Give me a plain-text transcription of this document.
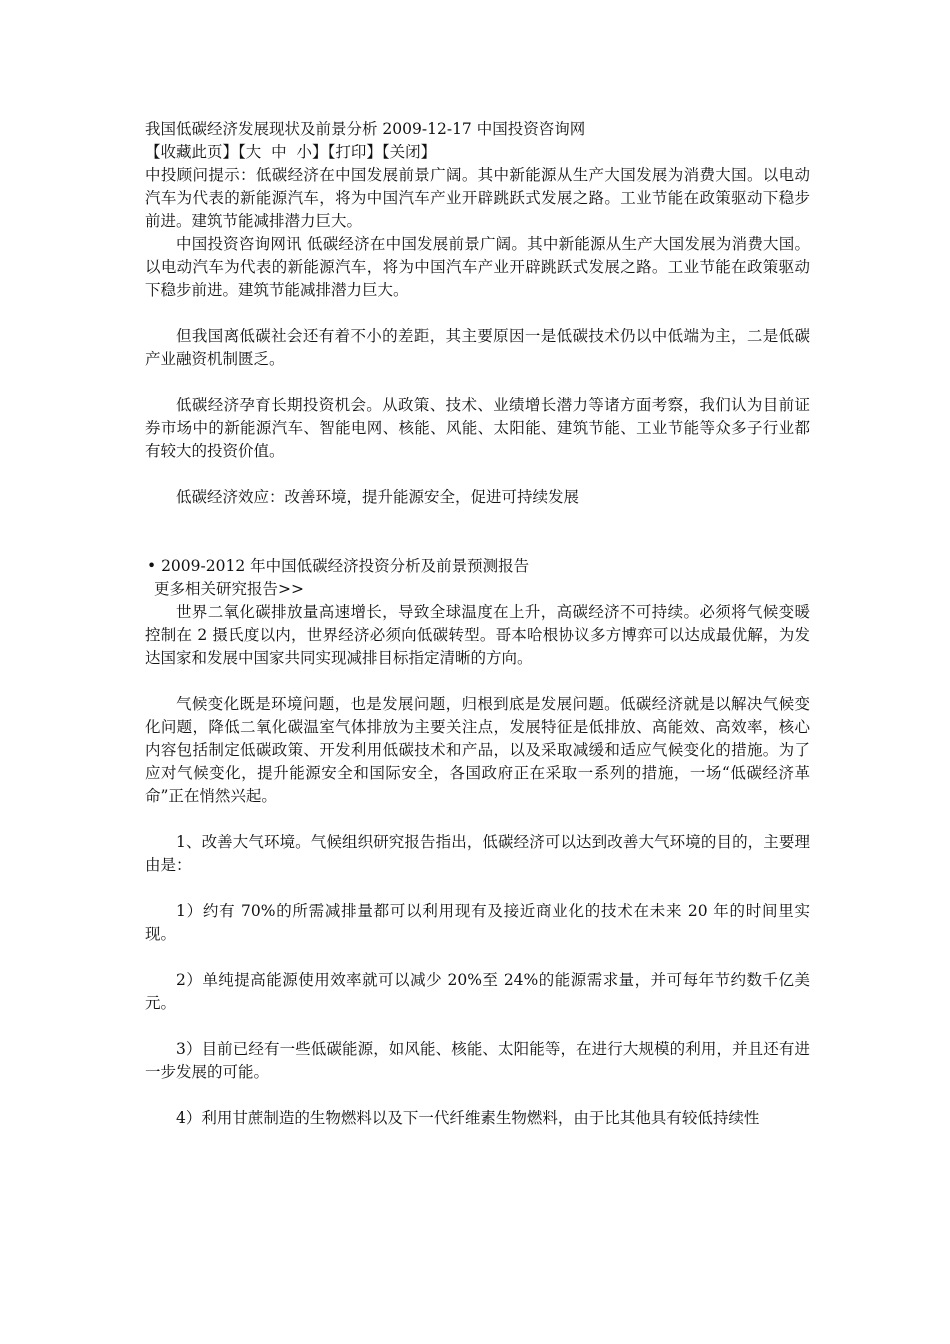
我国低碳经济发展现状及前景分析 2009-12-17 中国投资咨询网

【收藏此页】【大 中 小】【打印】【关闭】

中投顾问提示：低碳经济在中国发展前景广阔。其中新能源从生产大国发展为消费大国。以电动汽车为代表的新能源汽车，将为中国汽车产业开辟跳跃式发展之路。工业节能在政策驱动下稳步前进。建筑节能减排潜力巨大。

中国投资咨询网讯 低碳经济在中国发展前景广阔。其中新能源从生产大国发展为消费大国。以电动汽车为代表的新能源汽车，将为中国汽车产业开辟跳跃式发展之路。工业节能在政策驱动下稳步前进。建筑节能减排潜力巨大。

但我国离低碳社会还有着不小的差距，其主要原因一是低碳技术仍以中低端为主，二是低碳产业融资机制匮乏。

低碳经济孕育长期投资机会。从政策、技术、业绩增长潜力等诸方面考察，我们认为目前证券市场中的新能源汽车、智能电网、核能、风能、太阳能、建筑节能、工业节能等众多子行业都有较大的投资价值。

低碳经济效应：改善环境，提升能源安全，促进可持续发展

• 2009-2012 年中国低碳经济投资分析及前景预测报告

更多相关研究报告>>

世界二氧化碳排放量高速增长，导致全球温度在上升，高碳经济不可持续。必须将气候变暖控制在 2 摄氏度以内，世界经济必须向低碳转型。哥本哈根协议多方博弈可以达成最优解，为发达国家和发展中国家共同实现减排目标指定清晰的方向。

气候变化既是环境问题，也是发展问题，归根到底是发展问题。低碳经济就是以解决气候变化问题，降低二氧化碳温室气体排放为主要关注点，发展特征是低排放、高能效、高效率，核心内容包括制定低碳政策、开发利用低碳技术和产品，以及采取减缓和适应气候变化的措施。为了应对气候变化，提升能源安全和国际安全，各国政府正在采取一系列的措施，一场“低碳经济革命”正在悄然兴起。

1、改善大气环境。气候组织研究报告指出，低碳经济可以达到改善大气环境的目的，主要理由是：

1）约有 70%的所需减排量都可以利用现有及接近商业化的技术在未来 20 年的时间里实现。

2）单纯提高能源使用效率就可以减少 20%至 24%的能源需求量，并可每年节约数千亿美元。

3）目前已经有一些低碳能源，如风能、核能、太阳能等，在进行大规模的利用，并且还有进一步发展的可能。

4）利用甘蔗制造的生物燃料以及下一代纤维素生物燃料，由于比其他具有较低持续性
